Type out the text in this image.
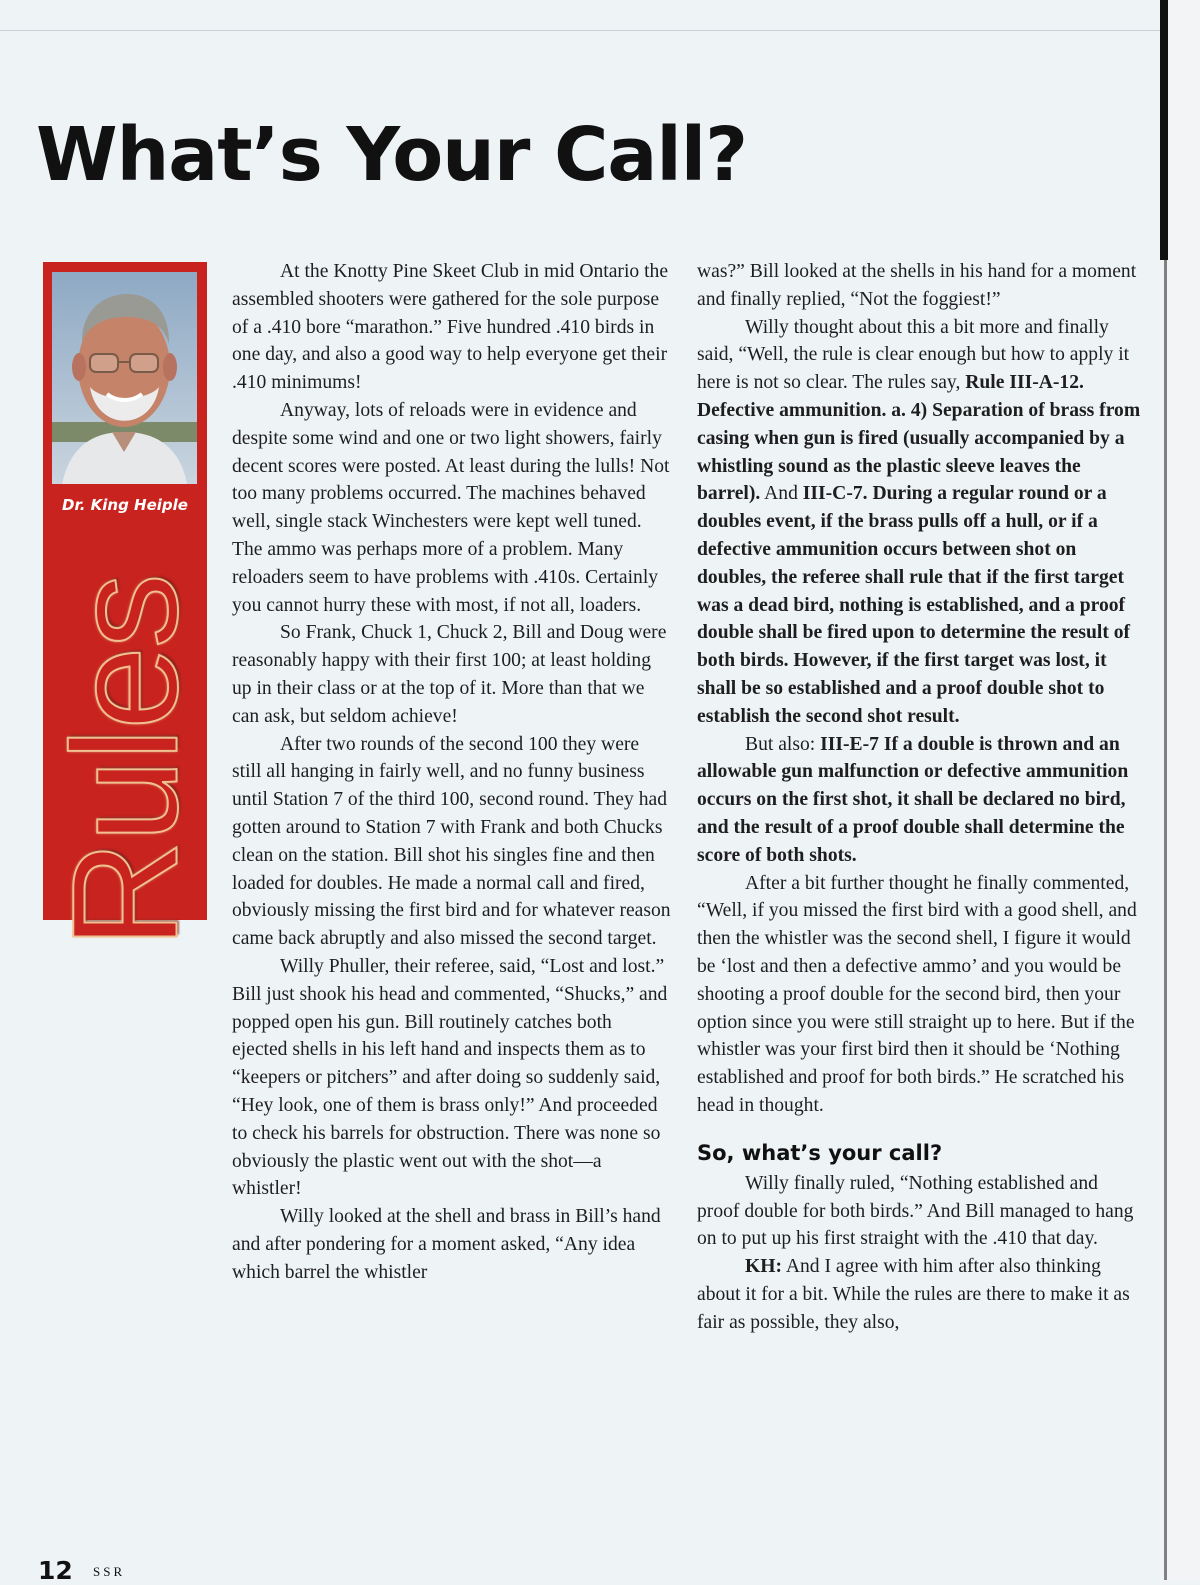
What’s Your Call?
Dr. King Heiple
Rules

At the Knotty Pine Skeet Club in mid Ontario the assembled shooters were gathered for the sole purpose of a .410 bore “marathon.” Five hundred .410 birds in one day, and also a good way to help everyone get their .410 minimums!

Anyway, lots of reloads were in evidence and despite some wind and one or two light showers, fairly decent scores were posted. At least during the lulls! Not too many problems occurred. The machines behaved well, single stack Winchesters were kept well tuned. The ammo was perhaps more of a problem. Many reloaders seem to have problems with .410s. Certainly you cannot hurry these with most, if not all, loaders.

So Frank, Chuck 1, Chuck 2, Bill and Doug were reasonably happy with their first 100; at least holding up in their class or at the top of it. More than that we can ask, but seldom achieve!

After two rounds of the second 100 they were still all hanging in fairly well, and no funny business until Station 7 of the third 100, second round. They had gotten around to Station 7 with Frank and both Chucks clean on the station. Bill shot his singles fine and then loaded for doubles. He made a normal call and fired, obviously missing the first bird and for whatever reason came back abruptly and also missed the second target.

Willy Phuller, their referee, said, “Lost and lost.” Bill just shook his head and commented, “Shucks,” and popped open his gun. Bill routinely catches both ejected shells in his left hand and inspects them as to “keepers or pitchers” and after doing so suddenly said, “Hey look, one of them is brass only!” And proceeded to check his barrels for obstruction. There was none so obviously the plastic went out with the shot—a whistler!

Willy looked at the shell and brass in Bill’s hand and after pondering for a moment asked, “Any idea which barrel the whistler

was?” Bill looked at the shells in his hand for a moment and finally replied, “Not the foggiest!”

Willy thought about this a bit more and finally said, “Well, the rule is clear enough but how to apply it here is not so clear. The rules say, Rule III-A-12. Defective ammunition. a. 4) Separation of brass from casing when gun is fired (usually accompanied by a whistling sound as the plastic sleeve leaves the barrel). And III-C-7. During a regular round or a doubles event, if the brass pulls off a hull, or if a defective ammunition occurs between shot on doubles, the referee shall rule that if the first target was a dead bird, nothing is established, and a proof double shall be fired upon to determine the result of both birds. However, if the first target was lost, it shall be so established and a proof double shot to establish the second shot result.

But also: III-E-7 If a double is thrown and an allowable gun malfunction or defective ammunition occurs on the first shot, it shall be declared no bird, and the result of a proof double shall determine the score of both shots.

After a bit further thought he finally commented, “Well, if you missed the first bird with a good shell, and then the whistler was the second shell, I figure it would be ‘lost and then a defective ammo’ and you would be shooting a proof double for the second bird, then your option since you were still straight up to here. But if the whistler was your first bird then it should be ‘Nothing established and proof for both birds.” He scratched his head in thought.

So, what’s your call?

Willy finally ruled, “Nothing established and proof double for both birds.” And Bill managed to hang on to put up his first straight with the .410 that day.

KH: And I agree with him after also thinking about it for a bit. While the rules are there to make it as fair as possible, they also,

12 SSR
